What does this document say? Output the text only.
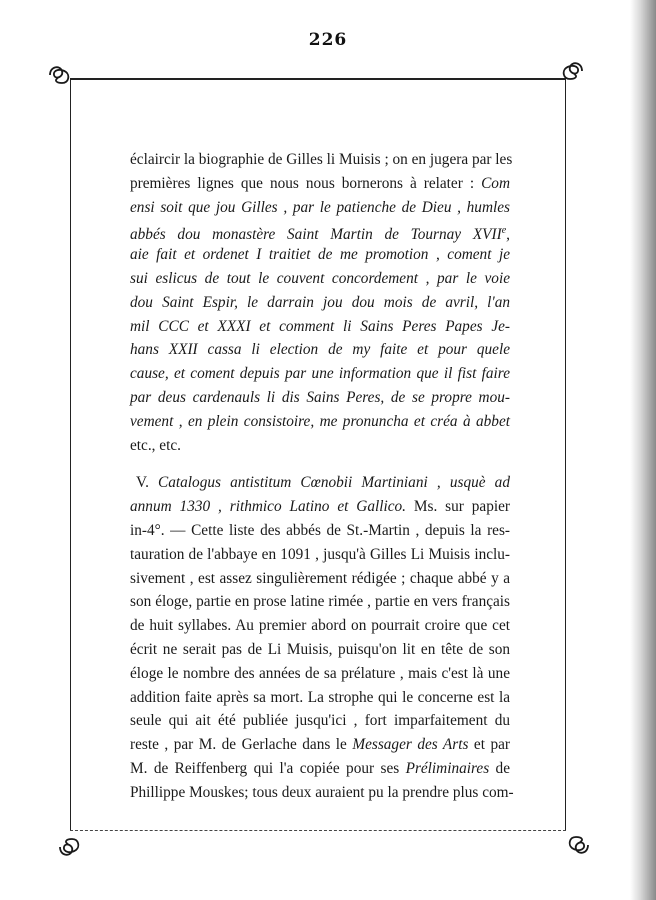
226
éclaircir la biographie de Gilles li Muisis ; on en jugera par les
premières lignes que nous nous bornerons à relater : Com
ensi soit que jou Gilles , par le patienche de Dieu , humles
abbés dou monastère Saint Martin de Tournay XVIIe,
aie fait et ordenet I traitiet de me promotion , coment je
sui eslicus de tout le couvent concordement , par le voie
dou Saint Espir, le darrain jou dou mois de avril, l'an
mil CCC et XXXI et comment li Sains Peres Papes Je-
hans XXII cassa li election de my faite et pour quele
cause, et coment depuis par une information que il fist faire
par deus cardenauls li dis Sains Peres, de se propre mou-
vement , en plein consistoire, me pronuncha et créa à abbet
etc., etc.
V. Catalogus antistitum Cœnobii Martiniani , usquè ad
annum 1330 , rithmico Latino et Gallico. Ms. sur papier
in-4°. — Cette liste des abbés de St.-Martin , depuis la res-
tauration de l'abbaye en 1091 , jusqu'à Gilles Li Muisis inclu-
sivement , est assez singulièrement rédigée ; chaque abbé y a
son éloge, partie en prose latine rimée , partie en vers français
de huit syllabes. Au premier abord on pourrait croire que cet
écrit ne serait pas de Li Muisis, puisqu'on lit en tête de son
éloge le nombre des années de sa prélature , mais c'est là une
addition faite après sa mort. La strophe qui le concerne est la
seule qui ait été publiée jusqu'ici , fort imparfaitement du
reste , par M. de Gerlache dans le Messager des Arts et par
M. de Reiffenberg qui l'a copiée pour ses Préliminaires de
Phillippe Mouskes; tous deux auraient pu la prendre plus com-
